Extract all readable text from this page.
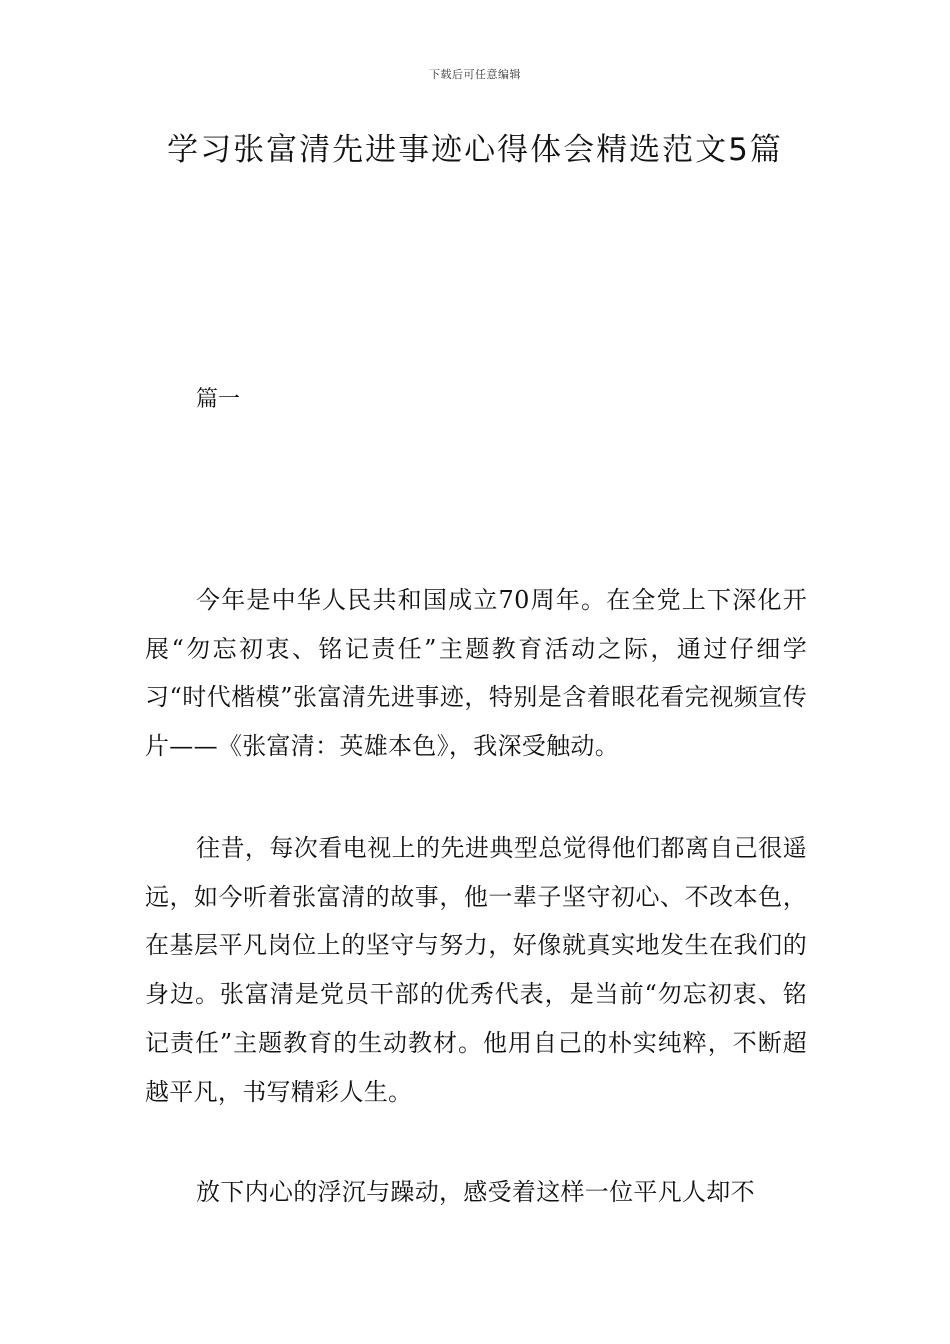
下载后可任意编辑
学习张富清先进事迹心得体会精选范文5篇

篇一

今年是中华人民共和国成立70周年。在全党上下深化开展“勿忘初衷、铭记责任”主题教育活动之际，通过仔细学习“时代楷模”张富清先进事迹，特别是含着眼花看完视频宣传片——《张富清：英雄本色》，我深受触动。

往昔，每次看电视上的先进典型总觉得他们都离自己很遥远，如今听着张富清的故事，他一辈子坚守初心、不改本色，在基层平凡岗位上的坚守与努力，好像就真实地发生在我们的身边。张富清是党员干部的优秀代表，是当前“勿忘初衷、铭记责任”主题教育的生动教材。他用自己的朴实纯粹，不断超越平凡，书写精彩人生。

放下内心的浮沉与躁动，感受着这样一位平凡人却不
